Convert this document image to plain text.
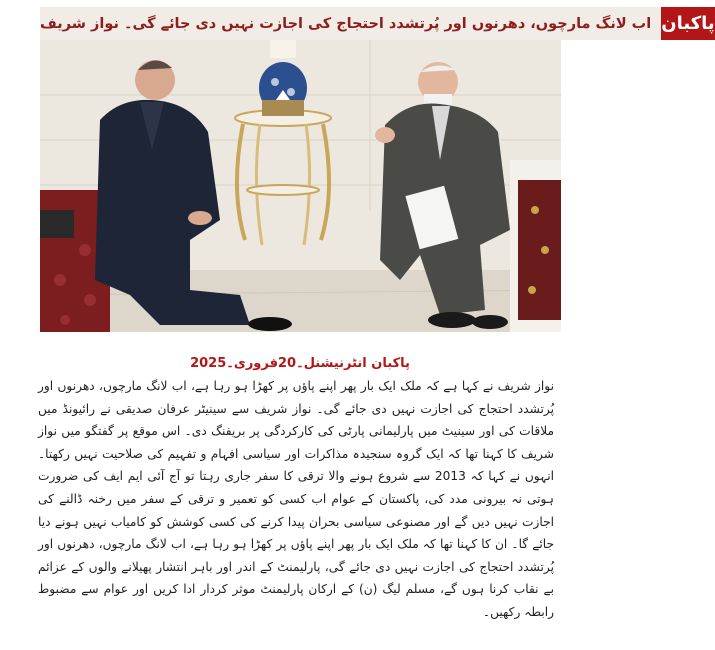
اب لانگ مارچوں، دھرنوں اور پُرتشدد احتجاج کی اجازت نہیں دی جائے گی۔ نواز شریف پاکبان
پاکبان انٹرنیشنل۔20فروری۔2025
نواز شریف نے کہا ہے کہ ملک ایک بار پھر اپنے پاؤں پر کھڑا ہو رہا ہے، اب لانگ مارچوں، دھرنوں اور پُرتشدد احتجاج کی اجازت نہیں دی جائے گی۔ نواز شریف سے سینیٹر عرفان صدیقی نے رائیونڈ میں ملاقات کی اور سینیٹ میں پارلیمانی پارٹی کی کارکردگی پر بریفنگ دی۔ اس موقع پر گفتگو میں نواز شریف کا کہنا تھا کہ ایک گروہ سنجیدہ مذاکرات اور سیاسی افہام و تفہیم کی صلاحیت نہیں رکھتا۔ انہوں نے کہا کہ 2013 سے شروع ہونے والا ترقی کا سفر جاری رہتا تو آج آئی ایم ایف کی ضرورت ہوتی نہ بیرونی مدد کی، پاکستان کے عوام اب کسی کو تعمیر و ترقی کے سفر میں رخنہ ڈالنے کی اجازت نہیں دیں گے اور مصنوعی سیاسی بحران پیدا کرنے کی کسی کوشش کو کامیاب نہیں ہونے دیا جائے گا۔ ان کا کہنا تھا کہ ملک ایک بار پھر اپنے پاؤں پر کھڑا ہو رہا ہے، اب لانگ مارچوں، دھرنوں اور پُرتشدد احتجاج کی اجازت نہیں دی جائے گی، پارلیمنٹ کے اندر اور باہر انتشار پھیلانے والوں کے عزائم بے نقاب کرنا ہوں گے، مسلم لیگ (ن) کے ارکان پارلیمنٹ موثر کردار ادا کریں اور عوام سے مضبوط رابطہ رکھیں۔
